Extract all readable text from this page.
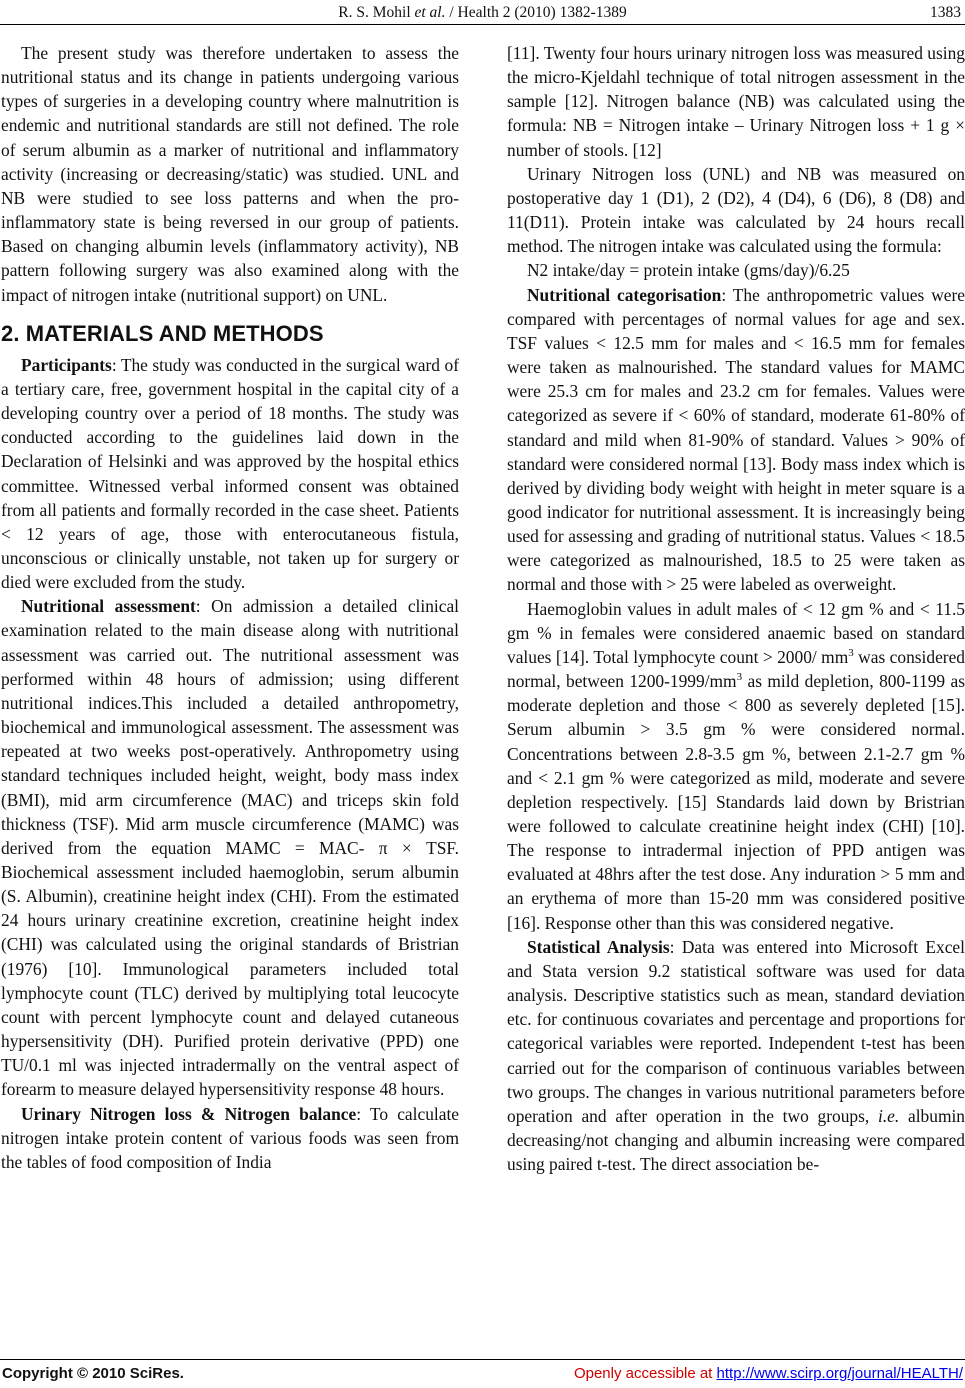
R. S. Mohil et al. / Health 2 (2010) 1382-1389	1383

The present study was therefore undertaken to assess the nutritional status and its change in patients undergoing various types of surgeries in a developing country where malnutrition is endemic and nutritional standards are still not defined. The role of serum albumin as a marker of nutritional and inflammatory activity (increasing or decreasing/static) was studied. UNL and NB were studied to see loss patterns and when the pro-inflammatory state is being reversed in our group of patients. Based on changing albumin levels (inflammatory activity), NB pattern following surgery was also examined along with the impact of nitrogen intake (nutritional support) on UNL.

2. MATERIALS AND METHODS

Participants: The study was conducted in the surgical ward of a tertiary care, free, government hospital in the capital city of a developing country over a period of 18 months. The study was conducted according to the guidelines laid down in the Declaration of Helsinki and was approved by the hospital ethics committee. Witnessed verbal informed consent was obtained from all patients and formally recorded in the case sheet. Patients < 12 years of age, those with enterocutaneous fistula, unconscious or clinically unstable, not taken up for surgery or died were excluded from the study.

Nutritional assessment: On admission a detailed clinical examination related to the main disease along with nutritional assessment was carried out. The nutritional assessment was performed within 48 hours of admission; using different nutritional indices.This included a detailed anthropometry, biochemical and immunological assessment. The assessment was repeated at two weeks post-operatively. Anthropometry using standard techniques included height, weight, body mass index (BMI), mid arm circumference (MAC) and triceps skin fold thickness (TSF). Mid arm muscle circumference (MAMC) was derived from the equation MAMC = MAC- π × TSF. Biochemical assessment included haemoglobin, serum albumin (S. Albumin), creatinine height index (CHI). From the estimated 24 hours urinary creatinine excretion, creatinine height index (CHI) was calculated using the original standards of Bristrian (1976) [10]. Immunological parameters included total lymphocyte count (TLC) derived by multiplying total leucocyte count with percent lymphocyte count and delayed cutaneous hypersensitivity (DH). Purified protein derivative (PPD) one TU/0.1 ml was injected intradermally on the ventral aspect of forearm to measure delayed hypersensitivity response 48 hours.

Urinary Nitrogen loss & Nitrogen balance: To calculate nitrogen intake protein content of various foods was seen from the tables of food composition of India

[11]. Twenty four hours urinary nitrogen loss was measured using the micro-Kjeldahl technique of total nitrogen assessment in the sample [12]. Nitrogen balance (NB) was calculated using the formula: NB = Nitrogen intake – Urinary Nitrogen loss + 1 g × number of stools. [12]

Urinary Nitrogen loss (UNL) and NB was measured on postoperative day 1 (D1), 2 (D2), 4 (D4), 6 (D6), 8 (D8) and 11(D11). Protein intake was calculated by 24 hours recall method. The nitrogen intake was calculated using the formula:

N2 intake/day = protein intake (gms/day)/6.25

Nutritional categorisation: The anthropometric values were compared with percentages of normal values for age and sex. TSF values < 12.5 mm for males and < 16.5 mm for females were taken as malnourished. The standard values for MAMC were 25.3 cm for males and 23.2 cm for females. Values were categorized as severe if < 60% of standard, moderate 61-80% of standard and mild when 81-90% of standard. Values > 90% of standard were considered normal [13]. Body mass index which is derived by dividing body weight with height in meter square is a good indicator for nutritional assessment. It is increasingly being used for assessing and grading of nutritional status. Values < 18.5 were categorized as malnourished, 18.5 to 25 were taken as normal and those with > 25 were labeled as overweight.

Haemoglobin values in adult males of < 12 gm % and < 11.5 gm % in females were considered anaemic based on standard values [14]. Total lymphocyte count > 2000/ $mm^3$ was considered normal, between $1200-1999/mm^3$ as mild depletion, 800-1199 as moderate depletion and those < 800 as severely depleted [15]. Serum albumin > 3.5 gm % were considered normal. Concentrations between 2.8-3.5 gm %, between 2.1-2.7 gm % and < 2.1 gm % were categorized as mild, moderate and severe depletion respectively. [15] Standards laid down by Bristrian were followed to calculate creatinine height index (CHI) [10]. The response to intradermal injection of PPD antigen was evaluated at 48hrs after the test dose. Any induration > 5 mm and an erythema of more than 15-20 mm was considered positive [16]. Response other than this was considered negative.

Statistical Analysis: Data was entered into Microsoft Excel and Stata version 9.2 statistical software was used for data analysis. Descriptive statistics such as mean, standard deviation etc. for continuous covariates and percentage and proportions for categorical variables were reported. Independent t-test has been carried out for the comparison of continuous variables between two groups. The changes in various nutritional parameters before operation and after operation in the two groups, i.e. albumin decreasing/not changing and albumin increasing were compared using paired t-test. The direct association be-

Copyright © 2010 SciRes.	Openly accessible at http://www.scirp.org/journal/HEALTH/
